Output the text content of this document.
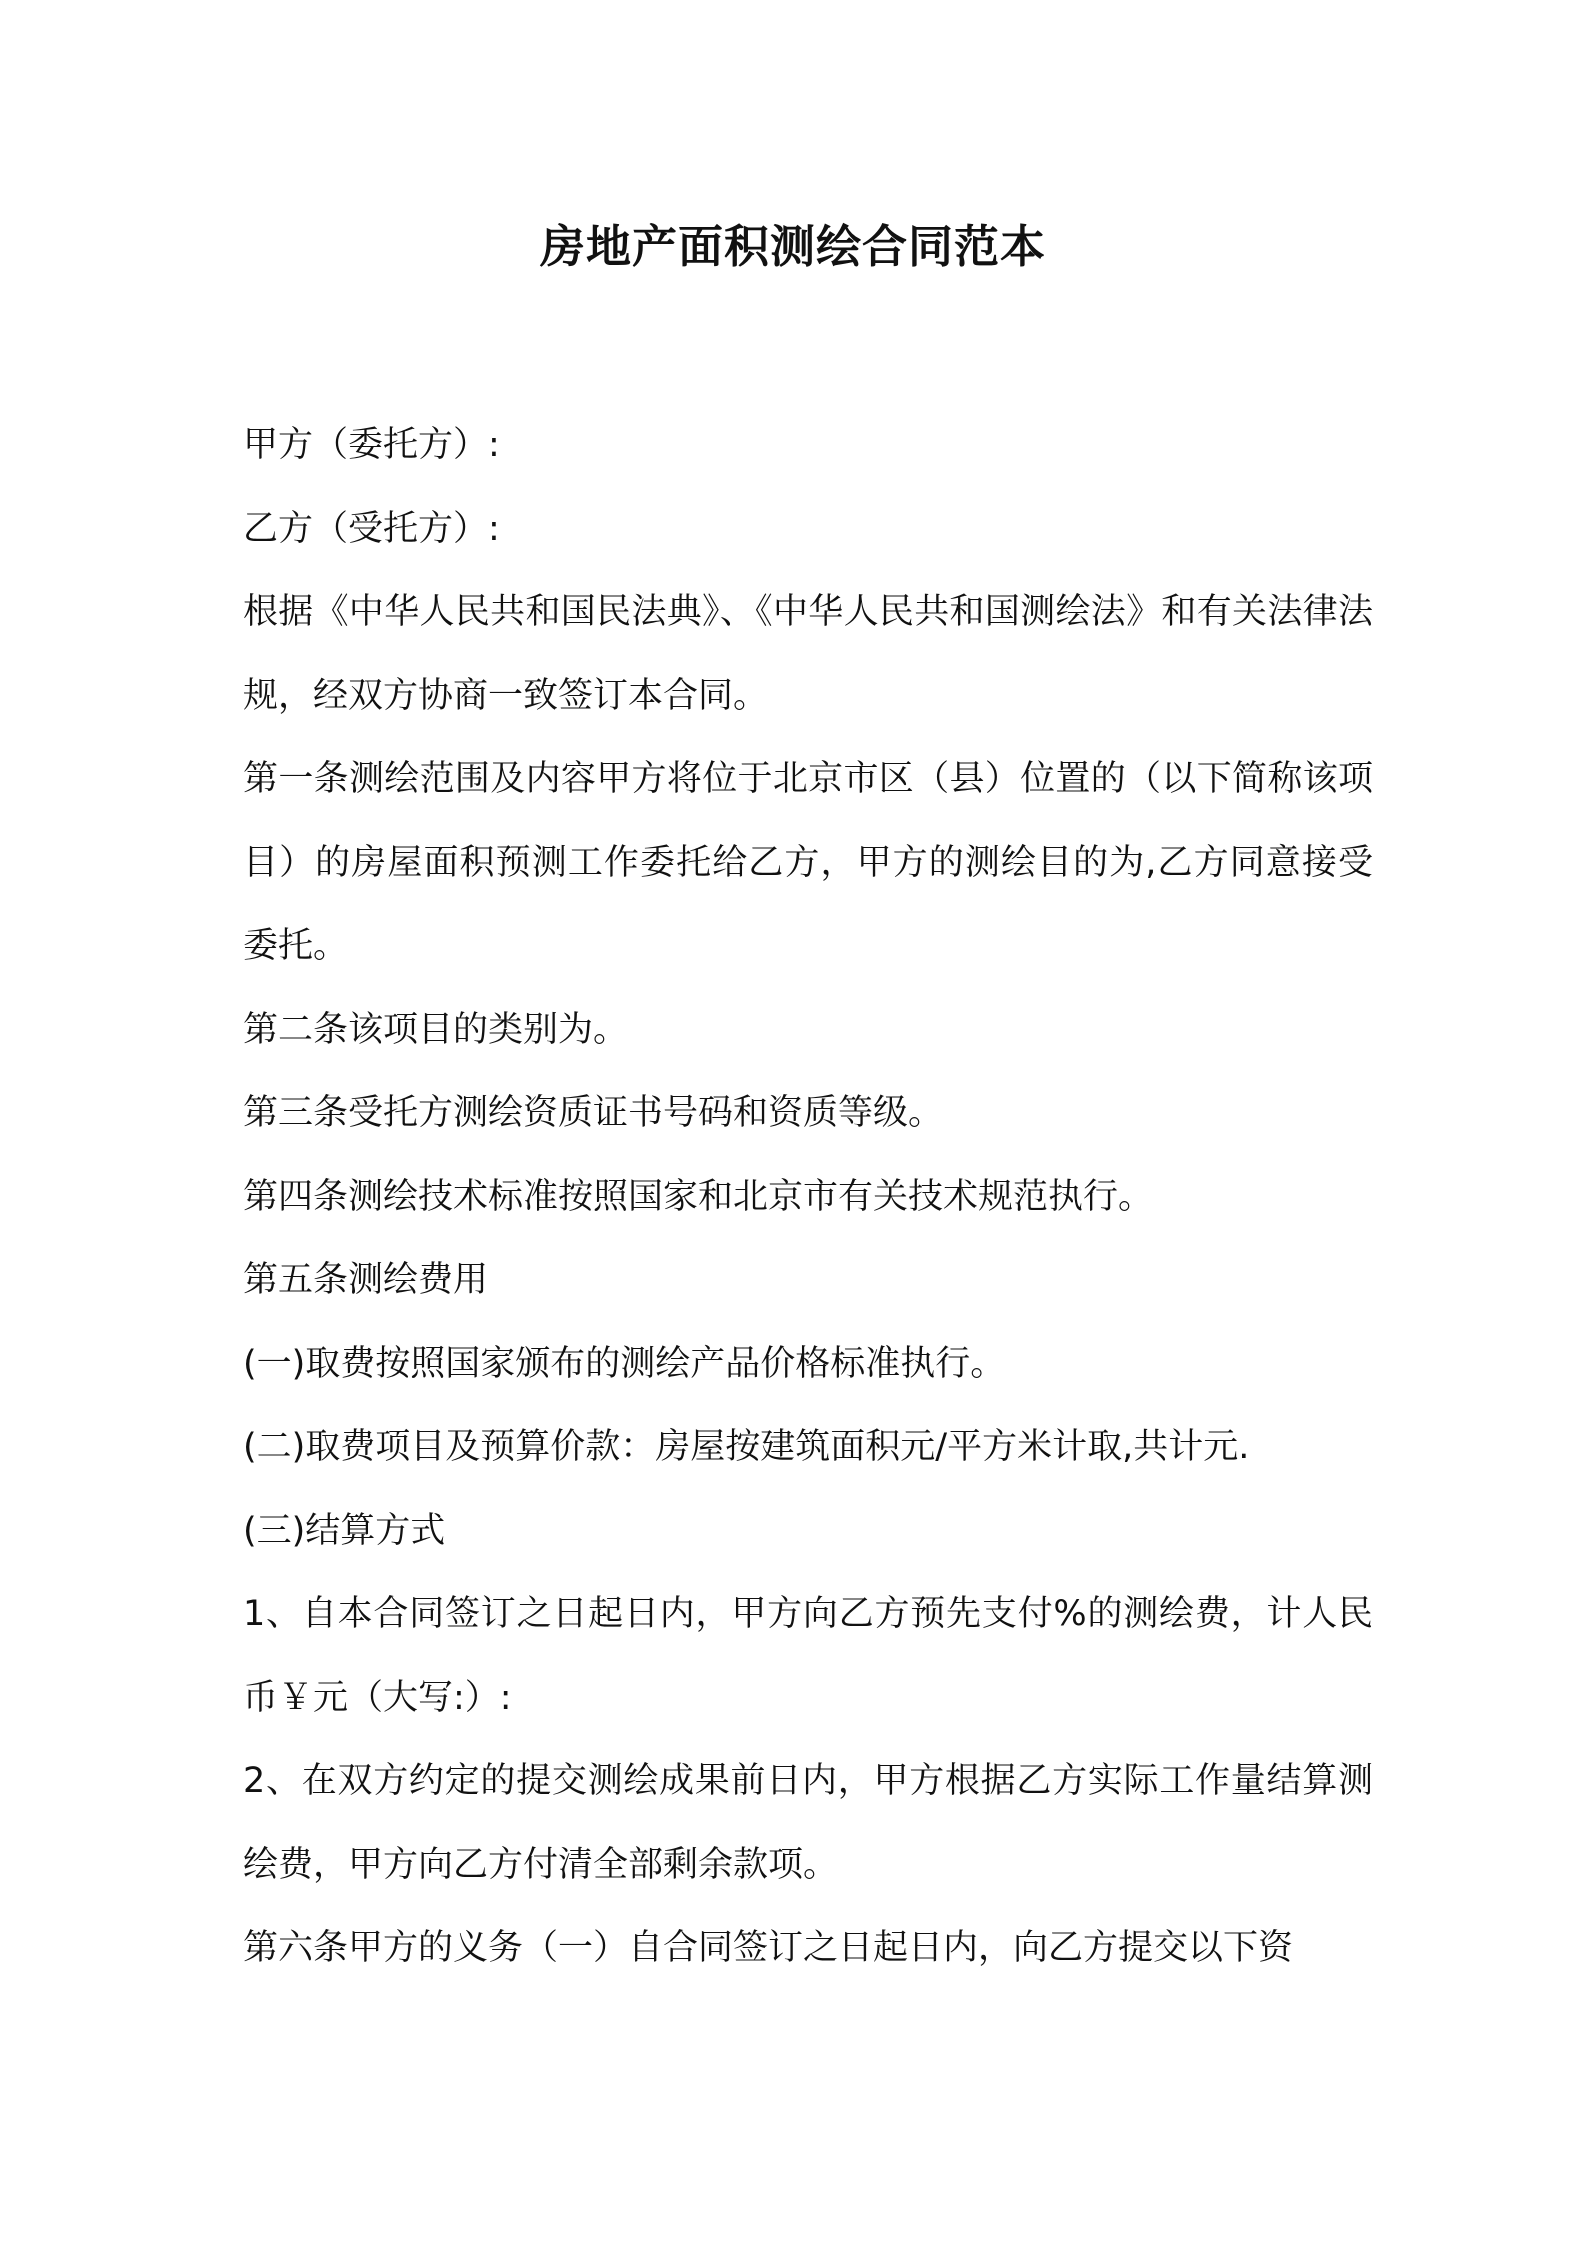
房地产面积测绘合同范本

甲方（委托方）:

乙方（受托方）:

根据《中华人民共和国民法典》、《中华人民共和国测绘法》和有关法律法规，经双方协商一致签订本合同。

第一条测绘范围及内容甲方将位于北京市区（县）位置的（以下简称该项目）的房屋面积预测工作委托给乙方，甲方的测绘目的为,乙方同意接受委托。

第二条该项目的类别为。

第三条受托方测绘资质证书号码和资质等级。

第四条测绘技术标准按照国家和北京市有关技术规范执行。

第五条测绘费用

(一)取费按照国家颁布的测绘产品价格标准执行。

(二)取费项目及预算价款：房屋按建筑面积元/平方米计取,共计元.

(三)结算方式

1、自本合同签订之日起日内，甲方向乙方预先支付%的测绘费，计人民币￥元（大写:）:

2、在双方约定的提交测绘成果前日内，甲方根据乙方实际工作量结算测绘费，甲方向乙方付清全部剩余款项。

第六条甲方的义务（一）自合同签订之日起日内，向乙方提交以下资
